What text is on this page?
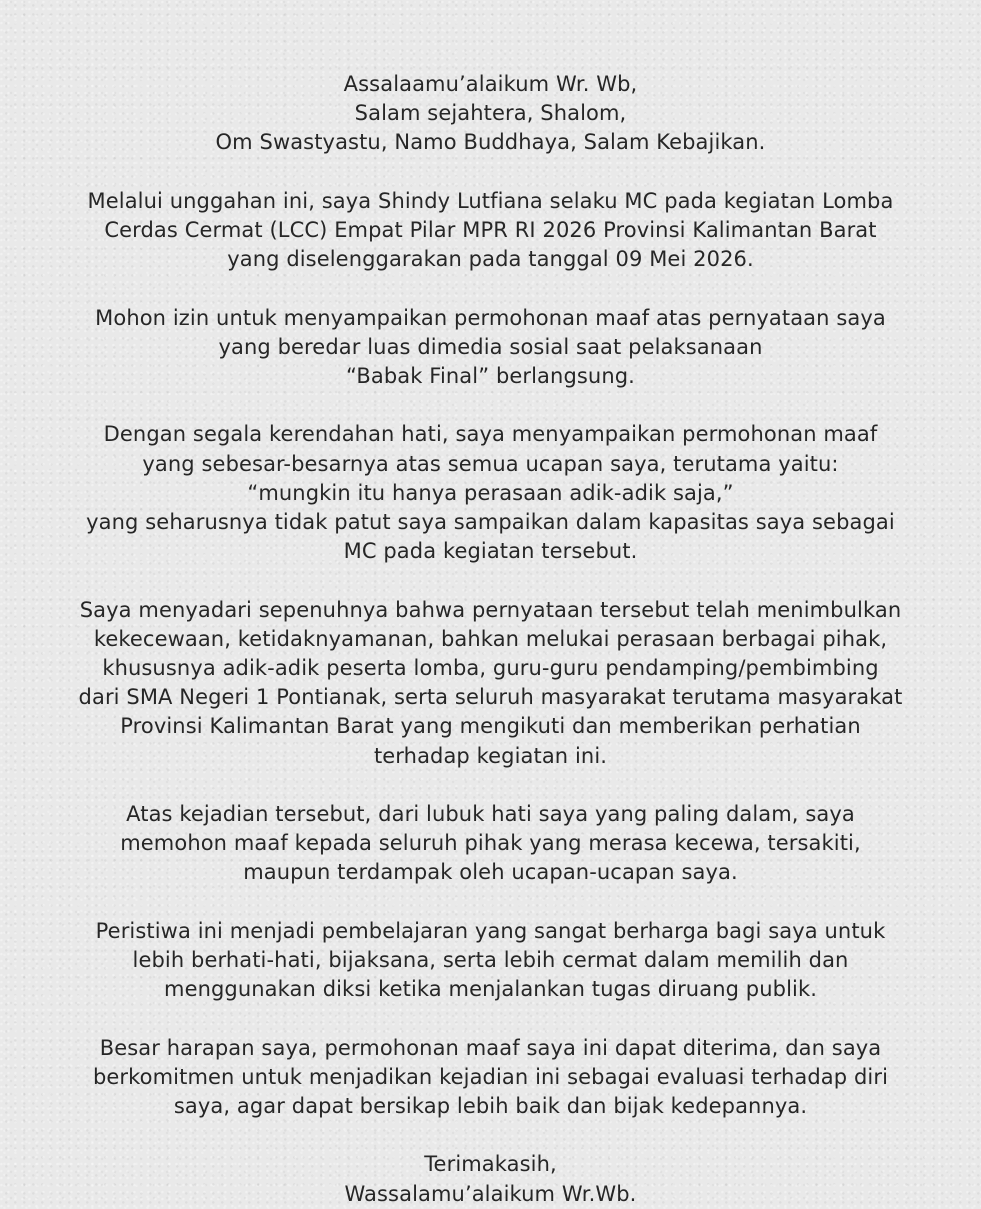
Assalaamu’alaikum Wr. Wb,
Salam sejahtera, Shalom,
Om Swastyastu, Namo Buddhaya, Salam Kebajikan.

Melalui unggahan ini, saya Shindy Lutfiana selaku MC pada kegiatan Lomba
Cerdas Cermat (LCC) Empat Pilar MPR RI 2026 Provinsi Kalimantan Barat
yang diselenggarakan pada tanggal 09 Mei 2026.

Mohon izin untuk menyampaikan permohonan maaf atas pernyataan saya
yang beredar luas dimedia sosial saat pelaksanaan
“Babak Final” berlangsung.

Dengan segala kerendahan hati, saya menyampaikan permohonan maaf
yang sebesar-besarnya atas semua ucapan saya, terutama yaitu:
“mungkin itu hanya perasaan adik-adik saja,”
yang seharusnya tidak patut saya sampaikan dalam kapasitas saya sebagai
MC pada kegiatan tersebut.

Saya menyadari sepenuhnya bahwa pernyataan tersebut telah menimbulkan
kekecewaan, ketidaknyamanan, bahkan melukai perasaan berbagai pihak,
khususnya adik-adik peserta lomba, guru-guru pendamping/pembimbing
dari SMA Negeri 1 Pontianak, serta seluruh masyarakat terutama masyarakat
Provinsi Kalimantan Barat yang mengikuti dan memberikan perhatian
terhadap kegiatan ini.

Atas kejadian tersebut, dari lubuk hati saya yang paling dalam, saya
memohon maaf kepada seluruh pihak yang merasa kecewa, tersakiti,
maupun terdampak oleh ucapan-ucapan saya.

Peristiwa ini menjadi pembelajaran yang sangat berharga bagi saya untuk
lebih berhati-hati, bijaksana, serta lebih cermat dalam memilih dan
menggunakan diksi ketika menjalankan tugas diruang publik.

Besar harapan saya, permohonan maaf saya ini dapat diterima, dan saya
berkomitmen untuk menjadikan kejadian ini sebagai evaluasi terhadap diri
saya, agar dapat bersikap lebih baik dan bijak kedepannya.

Terimakasih,
Wassalamu’alaikum Wr.Wb.
